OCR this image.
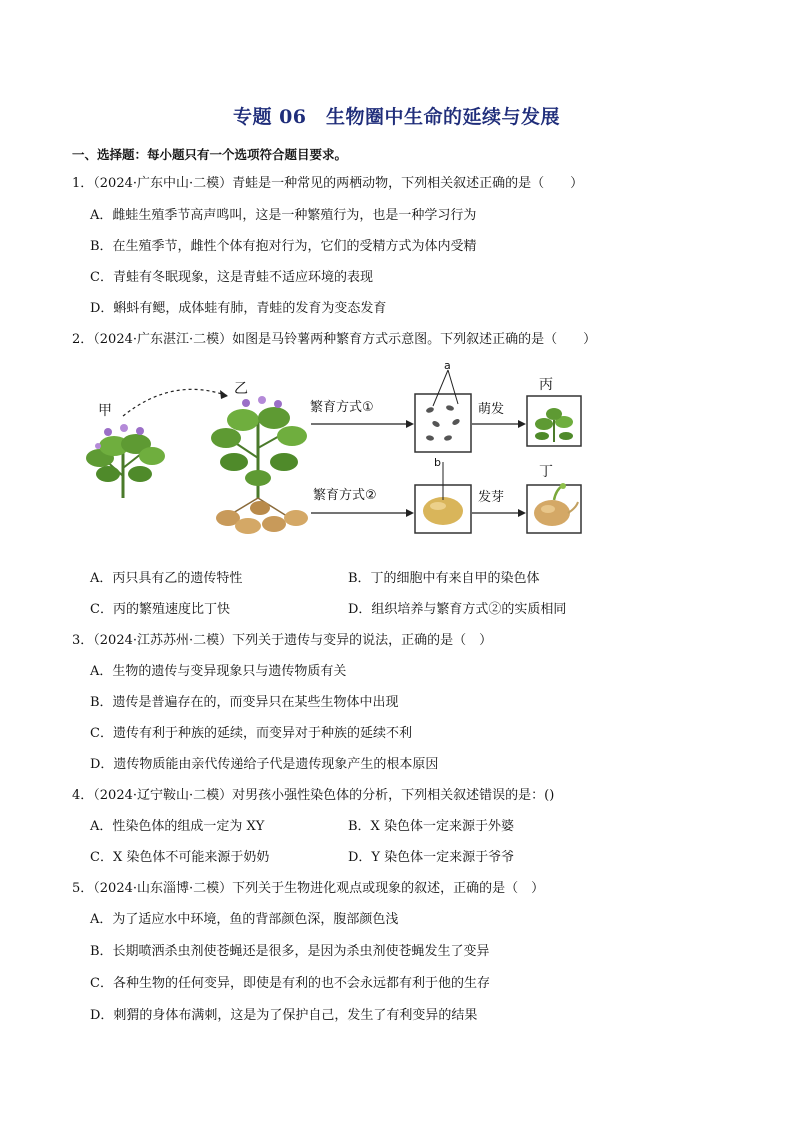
专题 06　生物圈中生命的延续与发展
一、选择题：每小题只有一个选项符合题目要求。
1．（2024·广东中山·二模）青蛙是一种常见的两栖动物，下列相关叙述正确的是（　　）
A．雌蛙生殖季节高声鸣叫，这是一种繁殖行为，也是一种学习行为
B．在生殖季节，雌性个体有抱对行为，它们的受精方式为体内受精
C．青蛙有冬眠现象，这是青蛙不适应环境的表现
D．蝌蚪有鳃，成体蛙有肺，青蛙的发育为变态发育
2．（2024·广东湛江·二模）如图是马铃薯两种繁育方式示意图。下列叙述正确的是（　　）
甲
乙	丙
丁
a
b
繁育方式①
繁育方式②
萌发
发芽
A．丙只具有乙的遗传特性	B．丁的细胞中有来自甲的染色体
C．丙的繁殖速度比丁快	D．组织培养与繁育方式②的实质相同
3．（2024·江苏苏州·二模）下列关于遗传与变异的说法，正确的是（　）
A．生物的遗传与变异现象只与遗传物质有关
B．遗传是普遍存在的，而变异只在某些生物体中出现
C．遗传有利于种族的延续，而变异对于种族的延续不利
D．遗传物质能由亲代传递给子代是遗传现象产生的根本原因
4．（2024·辽宁鞍山·二模）对男孩小强性染色体的分析，下列相关叙述错误的是：()
A．性染色体的组成一定为 XY	B．X 染色体一定来源于外婆
C．X 染色体不可能来源于奶奶	D．Y 染色体一定来源于爷爷
5．（2024·山东淄博·二模）下列关于生物进化观点或现象的叙述，正确的是（　）
A．为了适应水中环境，鱼的背部颜色深，腹部颜色浅
B．长期喷洒杀虫剂使苍蝇还是很多，是因为杀虫剂使苍蝇发生了变异
C．各种生物的任何变异，即使是有利的也不会永远都有利于他的生存
D．刺猬的身体布满刺，这是为了保护自己，发生了有利变异的结果
